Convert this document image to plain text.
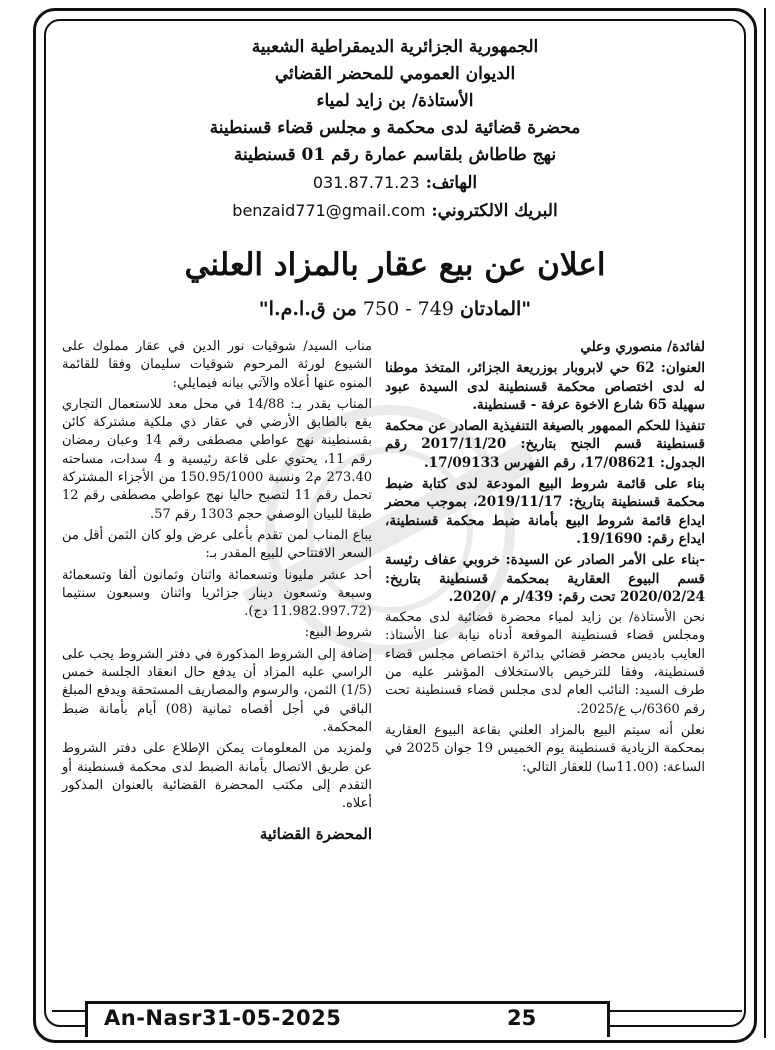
الجمهورية الجزائرية الديمقراطية الشعبية
الديوان العمومي للمحضر القضائي
الأستاذة/ بن زايد لمياء
محضرة قضائية لدى محكمة و مجلس قضاء قسنطينة
نهج طاطاش بلقاسم عمارة رقم 01 قسنطينة
الهاتف: 031.87.71.23
البريك الالكتروني: benzaid771@gmail.com
اعلان عن بيع عقار بالمزاد العلني
"المادتان 749 - 750 من ق.ا.م.ا"

لفائدة/ منصوري وعلي

العنوان: 62 حي لابروبار بوزريعة الجزائر، المتخذ موطنا له لدى اختصاص محكمة قسنطينة لدى السيدة عبود سهيلة 65 شارع الاخوة عرفة - قسنطينة.

تنفيذا للحكم الممهور بالصيغة التنفيذية الصادر عن محكمة قسنطينة قسم الجنح بتاريخ: 2017/11/20 رقم الجدول: 17/08621، رقم الفهرس 17/09133.

بناء على قائمة شروط البيع المودعة لدى كتابة ضبط محكمة قسنطينة بتاريخ: 2019/11/17، بموجب محضر ايداع قائمة شروط البيع بأمانة ضبط محكمة قسنطينة، ايداع رقم: 19/1690.

-بناء على الأمر الصادر عن السيدة: خروبي عفاف رئيسة قسم البيوع العقارية بمحكمة قسنطينة بتاريخ: 2020/02/24 تحت رقم: 439/ر م /2020.

نحن الأستاذة/ بن زايد لمياء محضرة قضائية لدى محكمة ومجلس قضاء قسنطينة الموقعة أدناه نيابة عنا الأستاذ: العايب باديس محضر قضائي بدائرة اختصاص مجلس قضاء قسنطينة، وفقا للترخيص بالاستخلاف المؤشر عليه من طرف السيد: النائب العام لدى مجلس قضاء قسنطينة تحت رقم 6360/ب ع/2025.

نعلن أنه سيتم البيع بالمزاد العلني بقاعة البيوع العقارية بمحكمة الزيادية قسنطينة يوم الخميس 19 جوان 2025 في الساعة: (11.00سا) للعقار التالي:

مناب السيد/ شوقيات نور الدين في عقار مملوك على الشيوع لورثة المرحوم شوقيات سليمان وفقا للقائمة المنوه عنها أعلاه والآتي بيانه فيمايلي:

المناب يقدر بـ: 14/88 في محل معد للاستعمال التجاري يقع بالطابق الأرضي في عقار ذي ملكية مشتركة كائن بقسنطينة نهج عواطي مصطفى رقم 14 وعبان رمضان رقم 11، يحتوي على قاعة رئيسية و 4 سدات، مساحته 273.40 م2 ونسبة 150.95/1000 من الأجزاء المشتركة تحمل رقم 11 لتصبح حاليا نهج عواطي مصطفى رقم 12 طبقا للبيان الوصفي حجم 1303 رقم 57.

يباع المناب لمن تقدم بأعلى عرض ولو كان الثمن أقل من السعر الافتتاحي للبيع المقدر بـ:

أحد عشر مليونا وتسعمائة واثنان وثمانون ألفا وتسعمائة وسبعة وتسعون دينار جزائريا واثنان وسبعون سنتيما (11.982.997.72 دج).

شروط البيع:

إضافة إلى الشروط المذكورة في دفتر الشروط يجب على الراسي عليه المزاد أن يدفع حال انعقاد الجلسة خمس (1/5) الثمن، والرسوم والمصاريف المستحقة ويدفع المبلغ الباقي في أجل أقصاه ثمانية (08) أيام بأمانة ضبط المحكمة.

ولمزيد من المعلومات يمكن الإطلاع على دفتر الشروط عن طريق الاتصال بأمانة الضبط لدى محكمة قسنطينة أو التقدم إلى مكتب المحضرة القضائية بالعنوان المذكور أعلاه.

المحضرة القضائية

An-Nasr31-05-2025	25
